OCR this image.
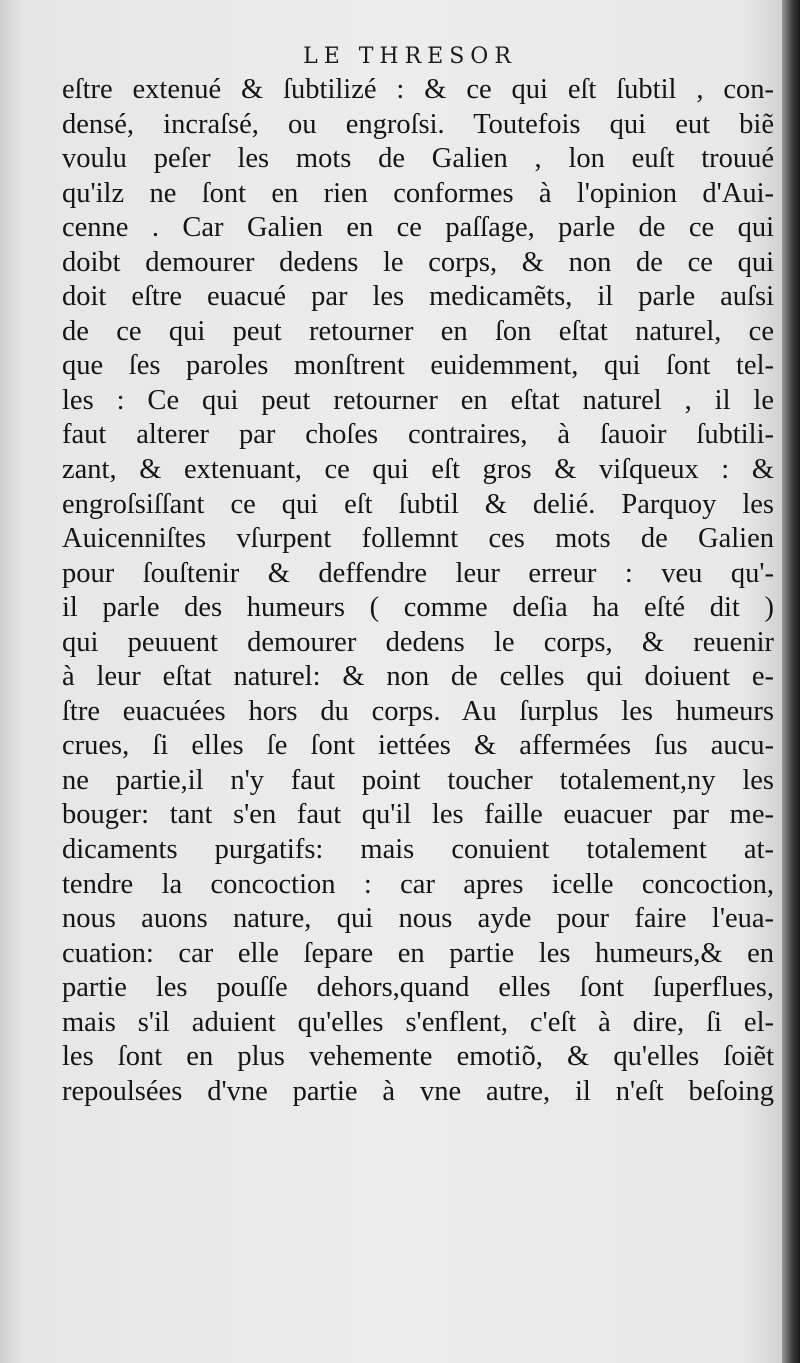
LE THRESOR
eſtre extenué & ſubtilizé : & ce qui eſt ſubtil , con-
densé, incraſsé, ou engroſsi. Toutefois qui eut biẽ
voulu peſer les mots de Galien , lon euſt trouué
qu'ilz ne ſont en rien conformes à l'opinion d'Aui-
cenne . Car Galien en ce paſſage, parle de ce qui
doibt demourer dedens le corps, & non de ce qui
doit eſtre euacué par les medicamẽts, il parle auſsi
de ce qui peut retourner en ſon eſtat naturel, ce
que ſes paroles monſtrent euidemment, qui ſont tel-
les : Ce qui peut retourner en eſtat naturel , il le
faut alterer par choſes contraires, à ſauoir ſubtili-
zant, & extenuant, ce qui eſt gros & viſqueux : &
engroſsiſſant ce qui eſt ſubtil & delié. Parquoy les
Auicenniſtes vſurpent follemnt ces mots de Galien
pour ſouſtenir & deffendre leur erreur : veu qu'-
il parle des humeurs ( comme deſia ha eſté dit )
qui peuuent demourer dedens le corps, & reuenir
à leur eſtat naturel: & non de celles qui doiuent e-
ſtre euacuées hors du corps. Au ſurplus les humeurs
crues, ſi elles ſe ſont iettées & affermées ſus aucu-
ne partie,il n'y faut point toucher totalement,ny les
bouger: tant s'en faut qu'il les faille euacuer par me-
dicaments purgatifs: mais conuient totalement at-
tendre la concoction : car apres icelle concoction,
nous auons nature, qui nous ayde pour faire l'eua-
cuation: car elle ſepare en partie les humeurs,& en
partie les pouſſe dehors,quand elles ſont ſuperflues,
mais s'il aduient qu'elles s'enflent, c'eſt à dire, ſi el-
les ſont en plus vehemente emotiõ, & qu'elles ſoiẽt
repoulsées d'vne partie à vne autre, il n'eſt beſoing
